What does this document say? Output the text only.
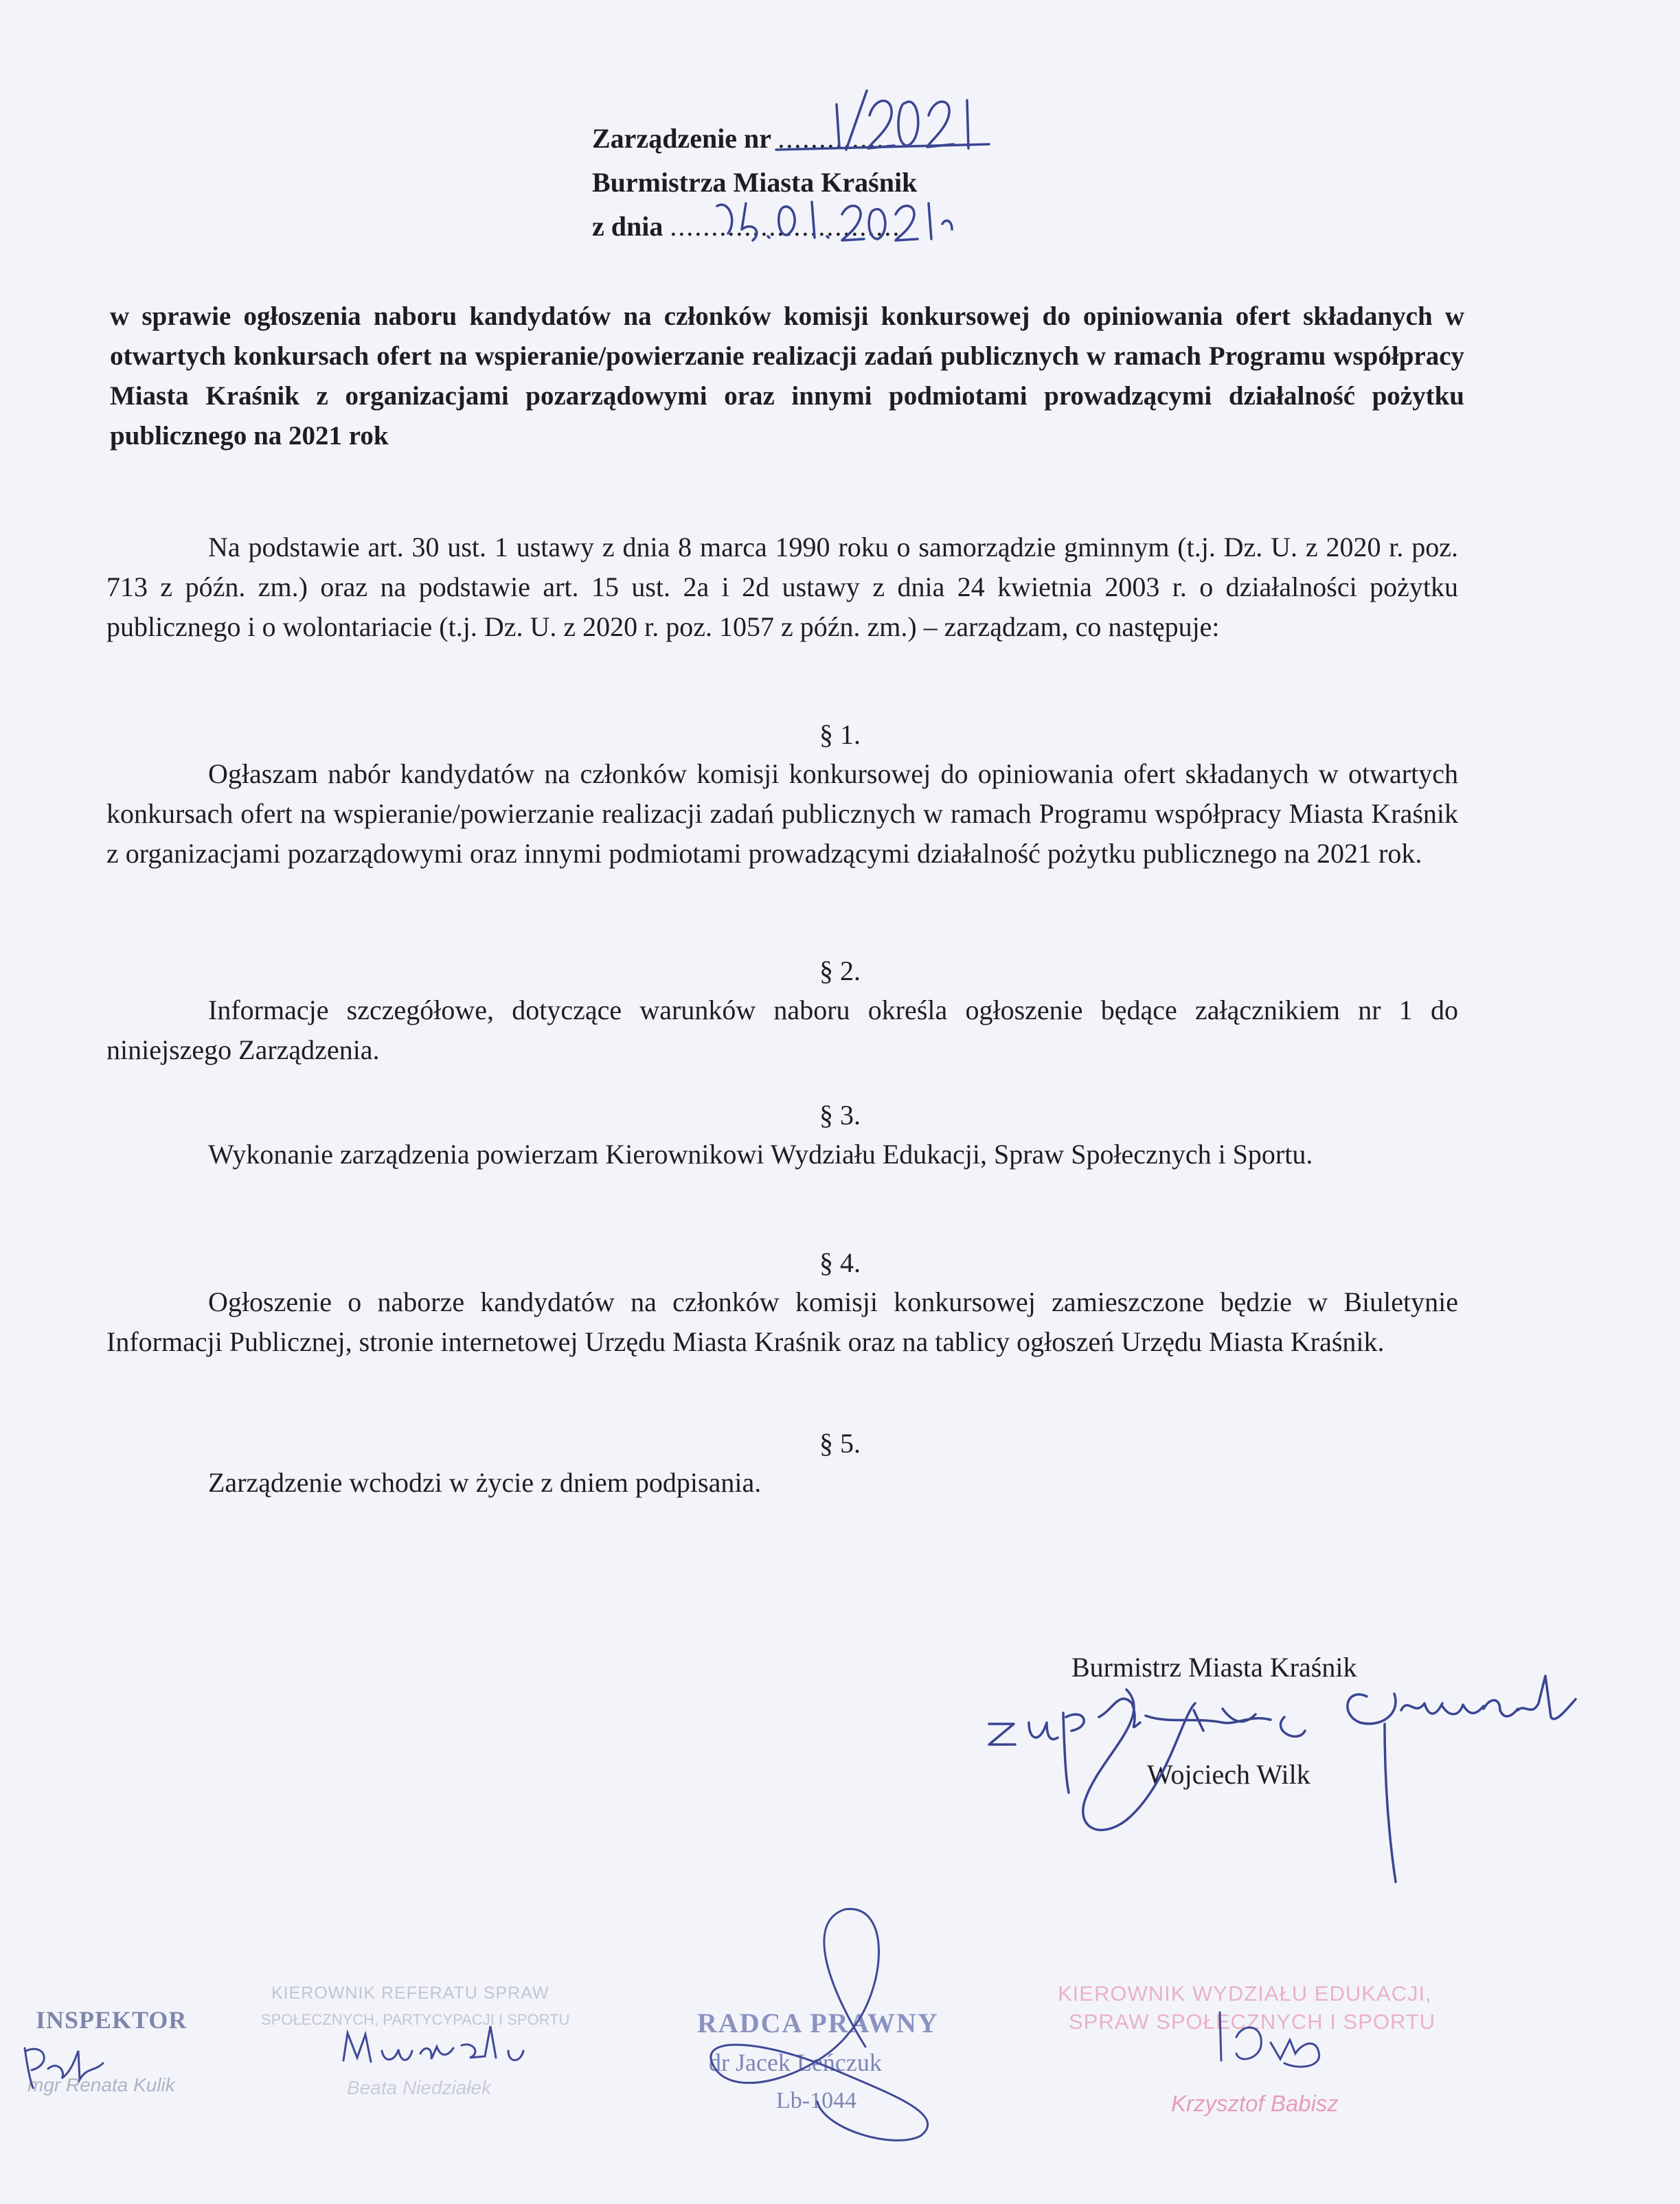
Zarządzenie nr ..............
Burmistrza Miasta Kraśnik
z dnia ............................
w sprawie ogłoszenia naboru kandydatów na członków komisji konkursowej do opiniowania ofert składanych w otwartych konkursach ofert na wspieranie/powierzanie realizacji zadań publicznych w ramach Programu współpracy Miasta Kraśnik z organizacjami pozarządowymi oraz innymi podmiotami prowadzącymi działalność pożytku publicznego na 2021 rok
Na podstawie art. 30 ust. 1 ustawy z dnia 8 marca 1990 roku o samorządzie gminnym (t.j. Dz. U. z 2020 r. poz. 713 z późn. zm.) oraz na podstawie art. 15 ust. 2a i 2d ustawy z dnia 24 kwietnia 2003 r. o działalności pożytku publicznego i o wolontariacie (t.j. Dz. U. z 2020 r. poz. 1057 z późn. zm.) – zarządzam, co następuje:
§ 1.
Ogłaszam nabór kandydatów na członków komisji konkursowej do opiniowania ofert składanych w otwartych konkursach ofert na wspieranie/powierzanie realizacji zadań publicznych w ramach Programu współpracy Miasta Kraśnik z organizacjami pozarządowymi oraz innymi podmiotami prowadzącymi działalność pożytku publicznego na 2021 rok.
§ 2.
Informacje szczegółowe, dotyczące warunków naboru określa ogłoszenie będące załącznikiem nr 1 do niniejszego Zarządzenia.
§ 3.
Wykonanie zarządzenia powierzam Kierownikowi Wydziału Edukacji, Spraw Społecznych i Sportu.
§ 4.
Ogłoszenie o naborze kandydatów na członków komisji konkursowej zamieszczone będzie w Biuletynie Informacji Publicznej, stronie internetowej Urzędu Miasta Kraśnik oraz na tablicy ogłoszeń Urzędu Miasta Kraśnik.
§ 5.
Zarządzenie wchodzi w życie z dniem podpisania.
Burmistrz Miasta Kraśnik
Wojciech Wilk
INSPEKTOR
mgr Renata Kulik
KIEROWNIK REFERATU SPRAW
SPOŁECZNYCH, PARTYCYPACJI I SPORTU
Beata Niedziałek
RADCA PRAWNY
dr Jacek Leńczuk
Lb-1044
KIEROWNIK WYDZIAŁU EDUKACJI,
SPRAW SPOŁECZNYCH I SPORTU
Krzysztof Babisz
